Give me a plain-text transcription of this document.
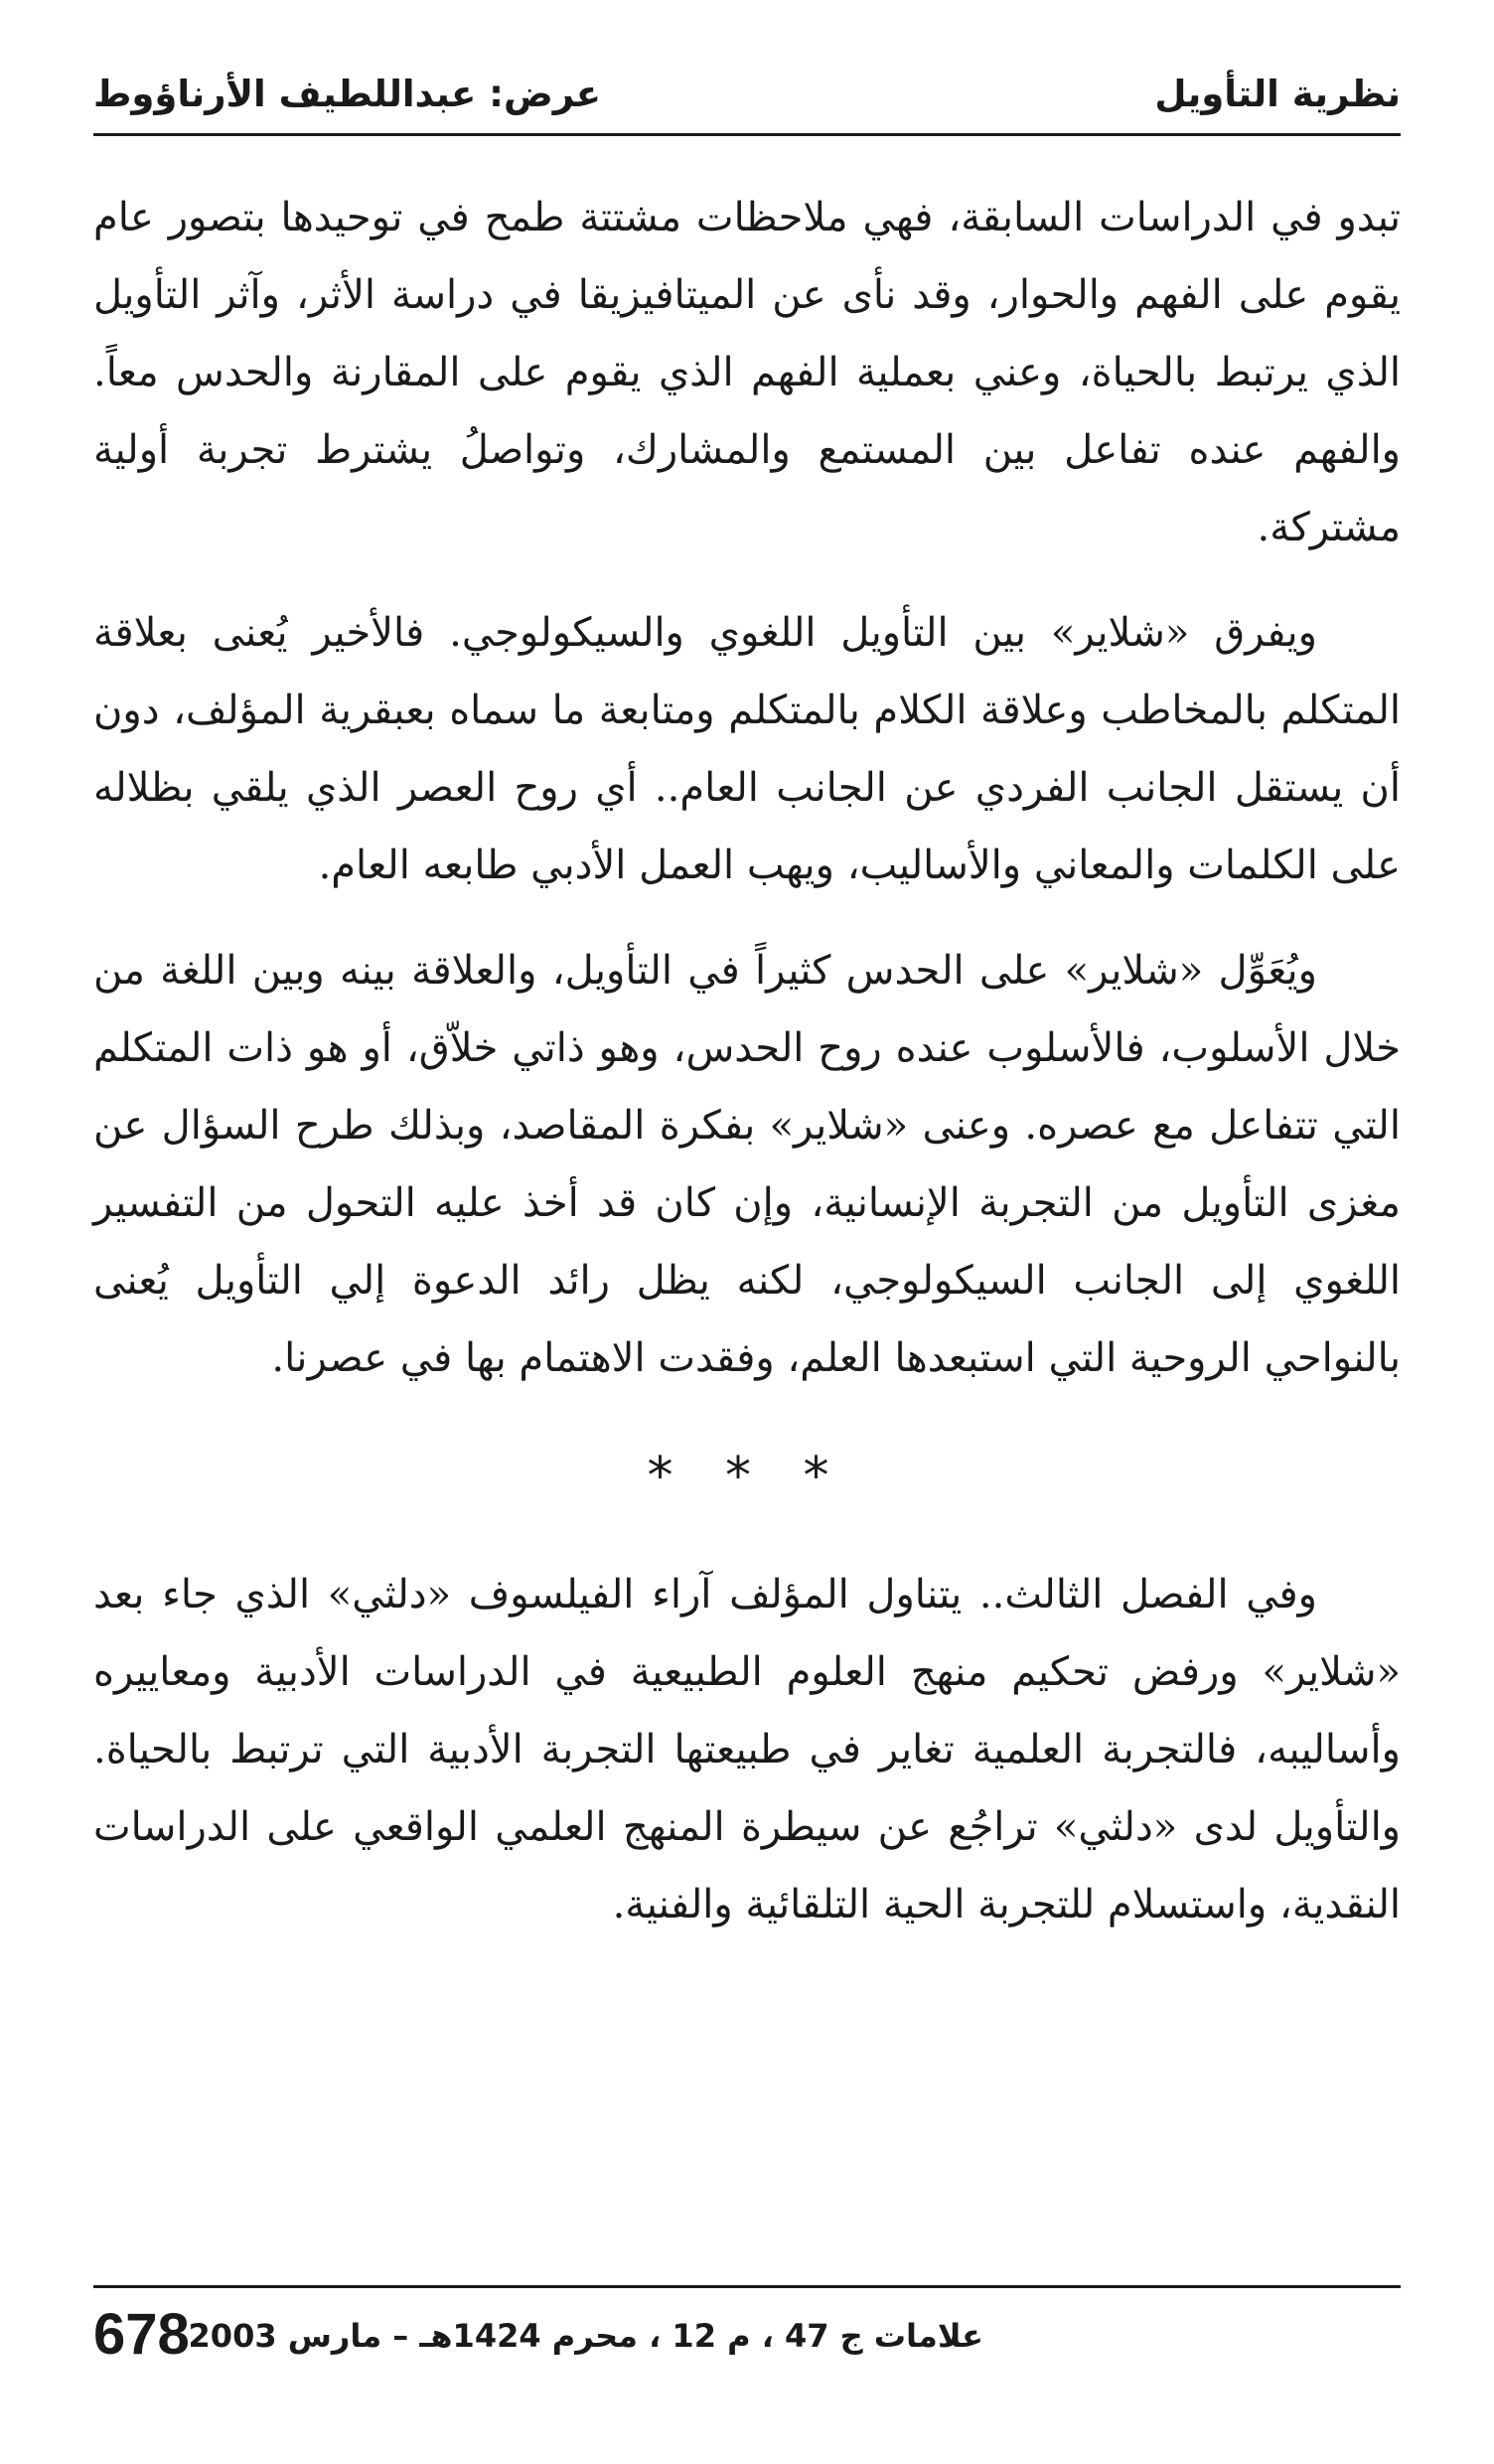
نظرية التأويل
عرض: عبداللطيف الأرناؤوط

تبدو في الدراسات السابقة، فهي ملاحظات مشتتة طمح في توحيدها بتصور عام يقوم على الفهم والحوار، وقد نأى عن الميتافيزيقا في دراسة الأثر، وآثر التأويل الذي يرتبط بالحياة، وعني بعملية الفهم الذي يقوم على المقارنة والحدس معاً. والفهم عنده تفاعل بين المستمع والمشارك، وتواصلُ يشترط تجربة أولية مشتركة.

ويفرق «شلاير» بين التأويل اللغوي والسيكولوجي. فالأخير يُعنى بعلاقة المتكلم بالمخاطب وعلاقة الكلام بالمتكلم ومتابعة ما سماه بعبقرية المؤلف، دون أن يستقل الجانب الفردي عن الجانب العام.. أي روح العصر الذي يلقي بظلاله على الكلمات والمعاني والأساليب، ويهب العمل الأدبي طابعه العام.

ويُعَوِّل «شلاير» على الحدس كثيراً في التأويل، والعلاقة بينه وبين اللغة من خلال الأسلوب، فالأسلوب عنده روح الحدس، وهو ذاتي خلاّق، أو هو ذات المتكلم التي تتفاعل مع عصره. وعنى «شلاير» بفكرة المقاصد، وبذلك طرح السؤال عن مغزى التأويل من التجربة الإنسانية، وإن كان قد أخذ عليه التحول من التفسير اللغوي إلى الجانب السيكولوجي، لكنه يظل رائد الدعوة إلي التأويل يُعنى بالنواحي الروحية التي استبعدها العلم، وفقدت الاهتمام بها في عصرنا.

* * *

وفي الفصل الثالث.. يتناول المؤلف آراء الفيلسوف «دلثي» الذي جاء بعد «شلاير» ورفض تحكيم منهج العلوم الطبيعية في الدراسات الأدبية ومعاييره وأساليبه، فالتجربة العلمية تغاير في طبيعتها التجربة الأدبية التي ترتبط بالحياة. والتأويل لدى «دلثي» تراجُع عن سيطرة المنهج العلمي الواقعي على الدراسات النقدية، واستسلام للتجربة الحية التلقائية والفنية.

علامات ج 47 ، م 12 ، محرم 1424هـ – مارس 2003
678
